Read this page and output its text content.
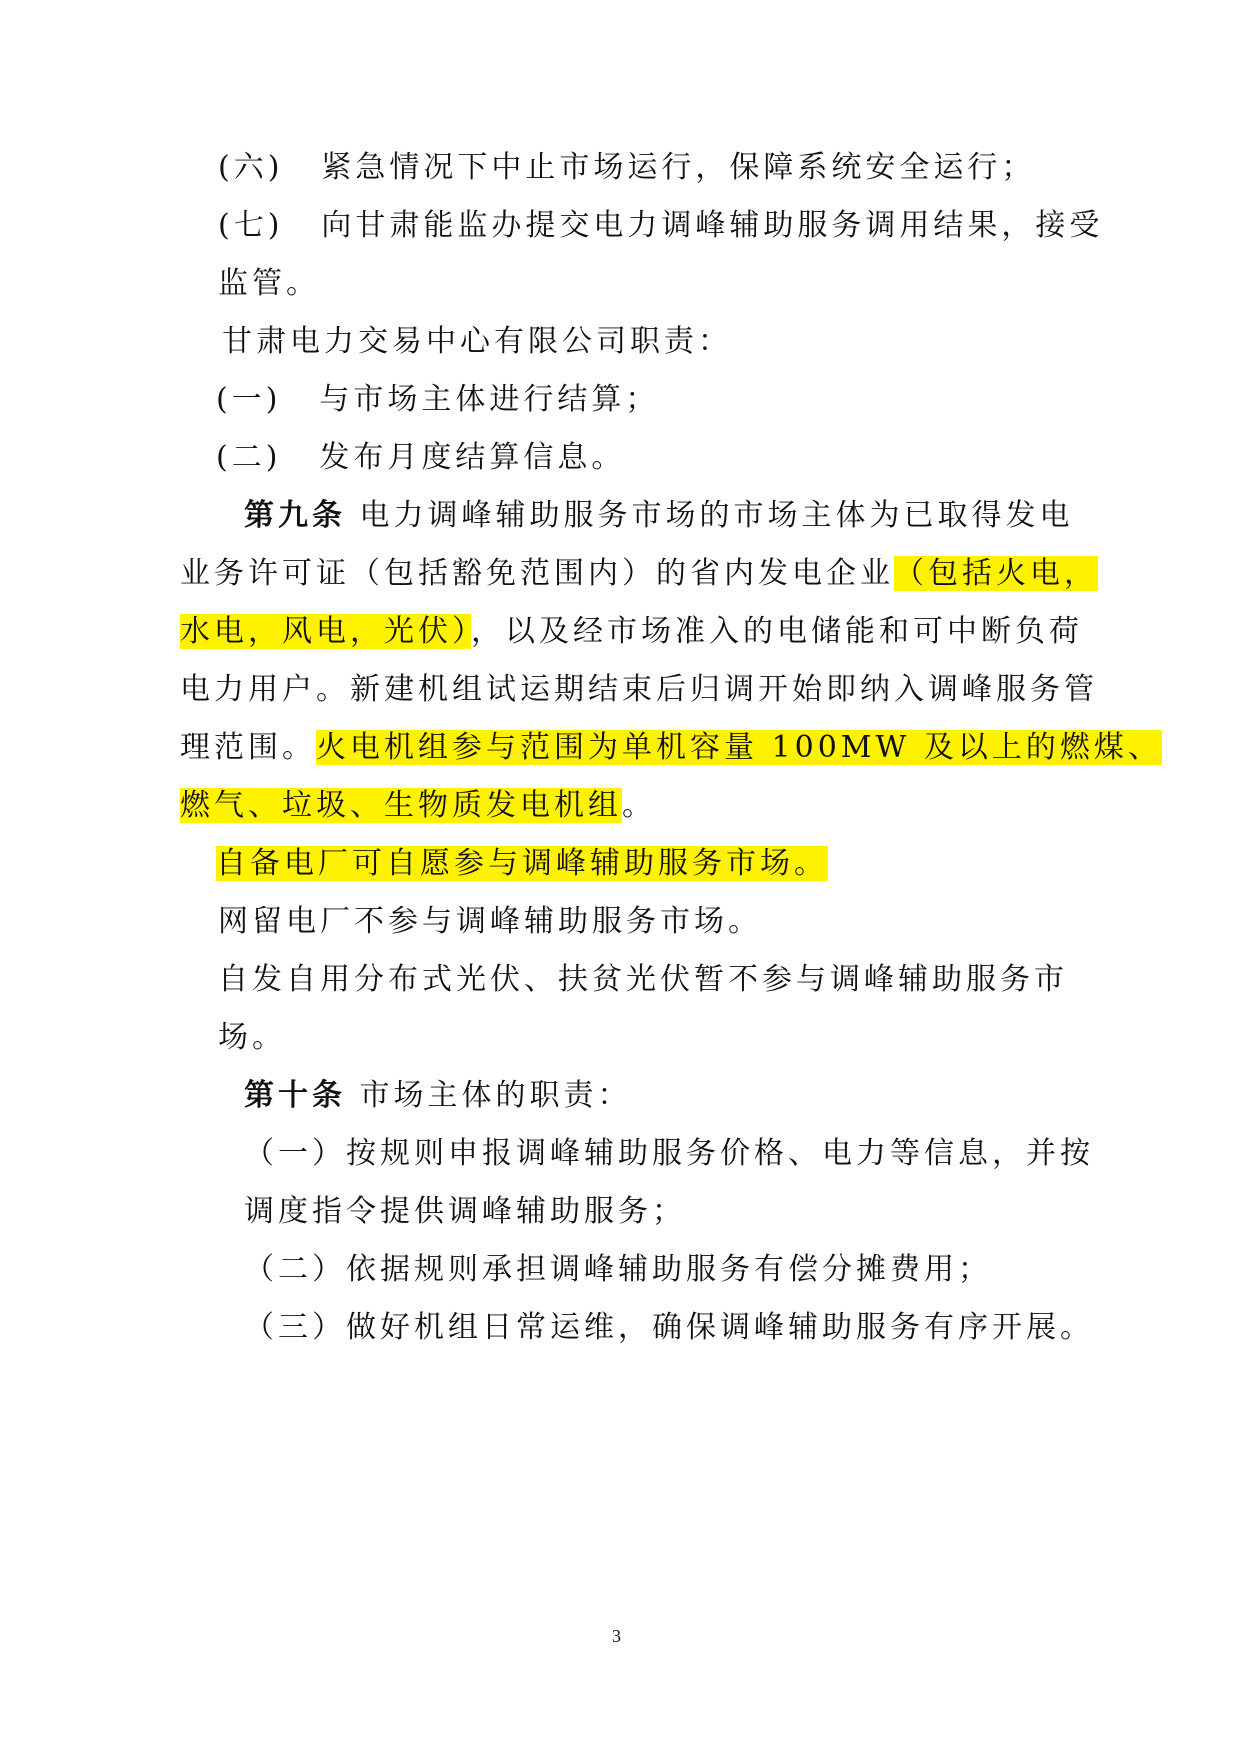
(六) 紧急情况下中止市场运行，保障系统安全运行；

(七) 向甘肃能监办提交电力调峰辅助服务调用结果，接受

监管。

甘肃电力交易中心有限公司职责：

(一) 与市场主体进行结算；

(二) 发布月度结算信息。

第九条 电力调峰辅助服务市场的市场主体为已取得发电

业务许可证（包括豁免范围内）的省内发电企业（包括火电，

水电，风电，光伏），以及经市场准入的电储能和可中断负荷

电力用户。新建机组试运期结束后归调开始即纳入调峰服务管

理范围。火电机组参与范围为单机容量 100MW 及以上的燃煤、

燃气、垃圾、生物质发电机组。

自备电厂可自愿参与调峰辅助服务市场。

网留电厂不参与调峰辅助服务市场。

自发自用分布式光伏、扶贫光伏暂不参与调峰辅助服务市

场。

第十条 市场主体的职责：

（一）按规则申报调峰辅助服务价格、电力等信息，并按

调度指令提供调峰辅助服务；

（二）依据规则承担调峰辅助服务有偿分摊费用；

（三）做好机组日常运维，确保调峰辅助服务有序开展。

3
